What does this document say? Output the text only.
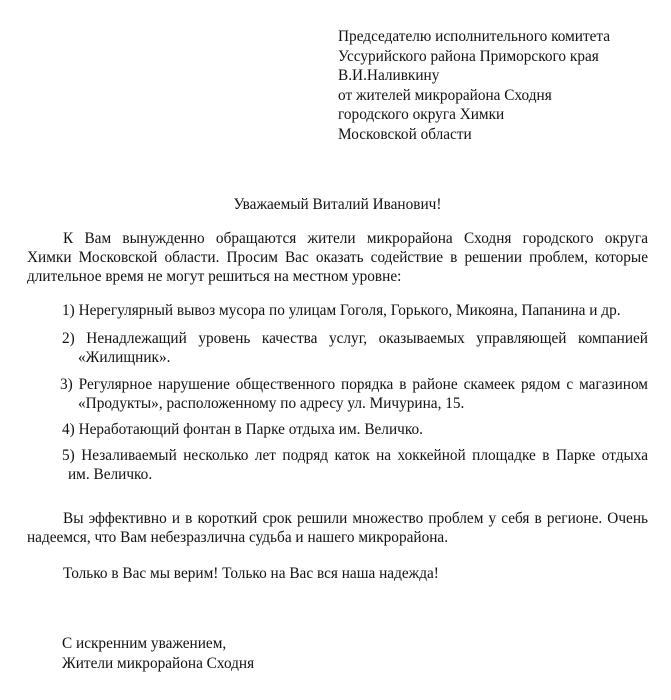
Председателю исполнительного комитета
Уссурийского района Приморского края
В.И.Наливкину
от жителей микрорайона Сходня
городского округа Химки
Московской области
Уважаемый Виталий Иванович!
К Вам вынужденно обращаются жители микрорайона Сходня городского округа
Химки Московской области. Просим Вас оказать содействие в решении проблем, которые
длительное время не могут решиться на местном уровне:
1) Нерегулярный вывоз мусора по улицам Гоголя, Горького, Микояна, Папанина и др.
2) Ненадлежащий уровень качества услуг, оказываемых управляющей компанией
«Жилищник».
3) Регулярное нарушение общественного порядка в районе скамеек рядом с магазином
«Продукты», расположенному по адресу ул. Мичурина, 15.
4) Неработающий фонтан в Парке отдыха им. Величко.
5) Незаливаемый несколько лет подряд каток на хоккейной площадке в Парке отдыха
им. Величко.
Вы эффективно и в короткий срок решили множество проблем у себя в регионе. Очень
надеемся, что Вам небезразлична судьба и нашего микрорайона.
Только в Вас мы верим! Только на Вас вся наша надежда!
С искренним уважением,
Жители микрорайона Сходня
